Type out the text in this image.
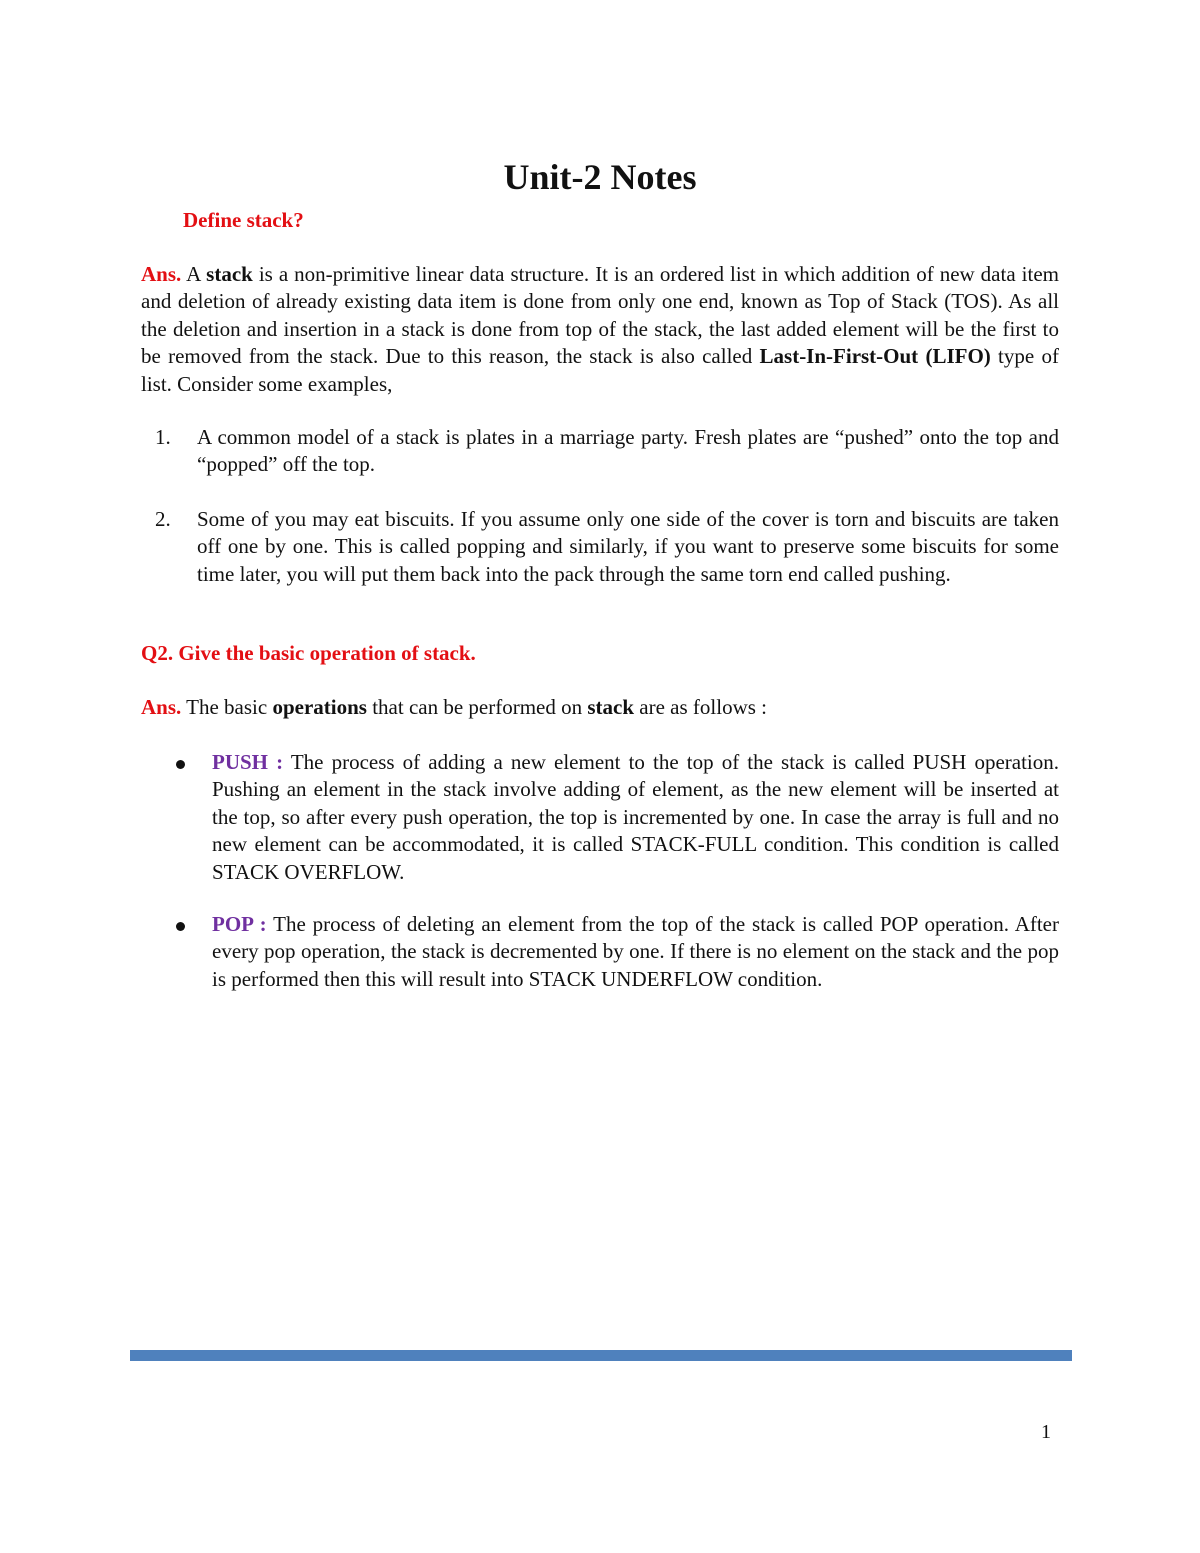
Unit-2 Notes
Define stack?
Ans. A stack is a non-primitive linear data structure. It is an ordered list in which addition of new data item and deletion of already existing data item is done from only one end, known as Top of Stack (TOS). As all the deletion and insertion in a stack is done from top of the stack, the last added element will be the first to be removed from the stack. Due to this reason, the stack is also called Last-In-First-Out (LIFO) type of list. Consider some examples,
1. A common model of a stack is plates in a marriage party. Fresh plates are “pushed” onto the top and “popped” off the top.
2. Some of you may eat biscuits. If you assume only one side of the cover is torn and biscuits are taken off one by one. This is called popping and similarly, if you want to preserve some biscuits for some time later, you will put them back into the pack through the same torn end called pushing.
Q2. Give the basic operation of stack.
Ans. The basic operations that can be performed on stack are as follows :
PUSH : The process of adding a new element to the top of the stack is called PUSH operation. Pushing an element in the stack involve adding of element, as the new element will be inserted at the top, so after every push operation, the top is incremented by one. In case the array is full and no new element can be accommodated, it is called STACK-FULL condition. This condition is called STACK OVERFLOW.
POP : The process of deleting an element from the top of the stack is called POP operation. After every pop operation, the stack is decremented by one. If there is no element on the stack and the pop is performed then this will result into STACK UNDERFLOW condition.
1
